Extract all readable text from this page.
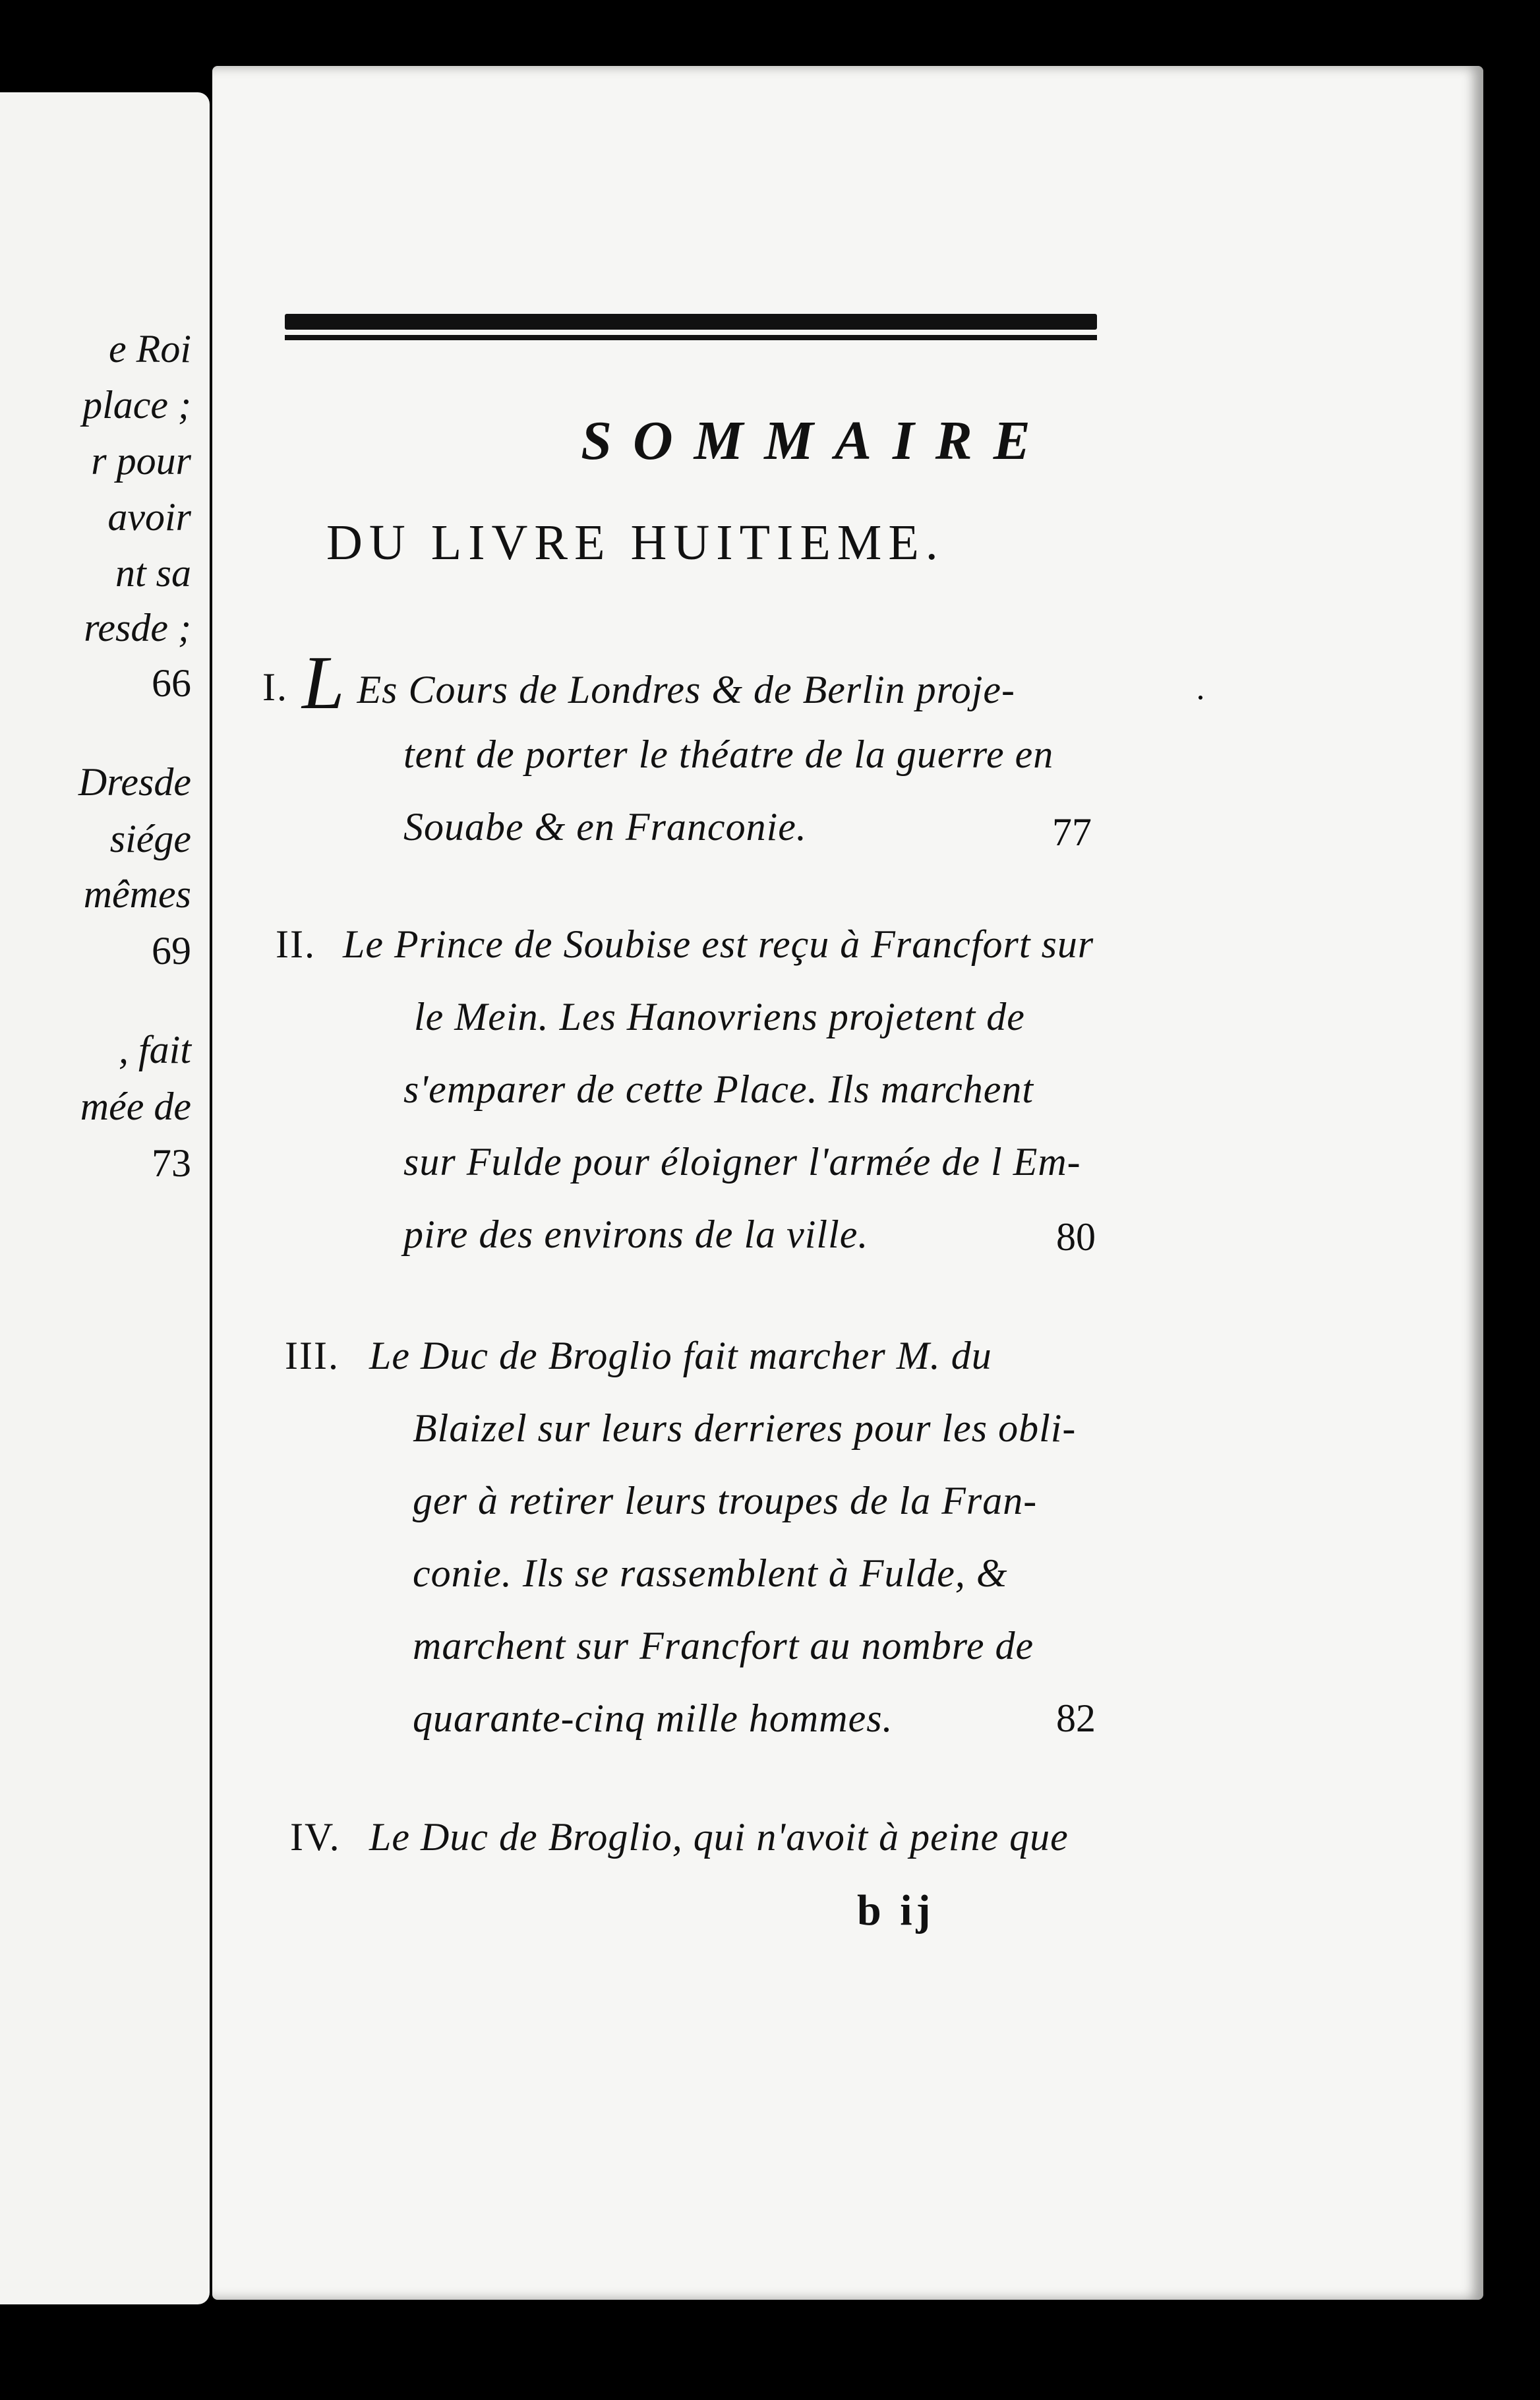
e Roi
place ;
r pour
avoir
nt sa
resde ;
66
Dresde
siége
mêmes
69
, fait
mée de
73
SOMMAIRE
DU LIVRE HUITIEME.
I. L Es Cours de Londres & de Berlin proje-
tent de porter le théatre de la guerre en
Souabe & en Franconie.	77
II. Le Prince de Soubise est reçu à Francfort sur
le Mein. Les Hanovriens projetent de
s'emparer de cette Place. Ils marchent
sur Fulde pour éloigner l'armée de l Em-
pire des environs de la ville.	80
III. Le Duc de Broglio fait marcher M. du
Blaizel sur leurs derrieres pour les obli-
ger à retirer leurs troupes de la Fran-
conie. Ils se rassemblent à Fulde, &
marchent sur Francfort au nombre de
quarante-cinq mille hommes.	82
IV. Le Duc de Broglio, qui n'avoit à peine que
b ij
